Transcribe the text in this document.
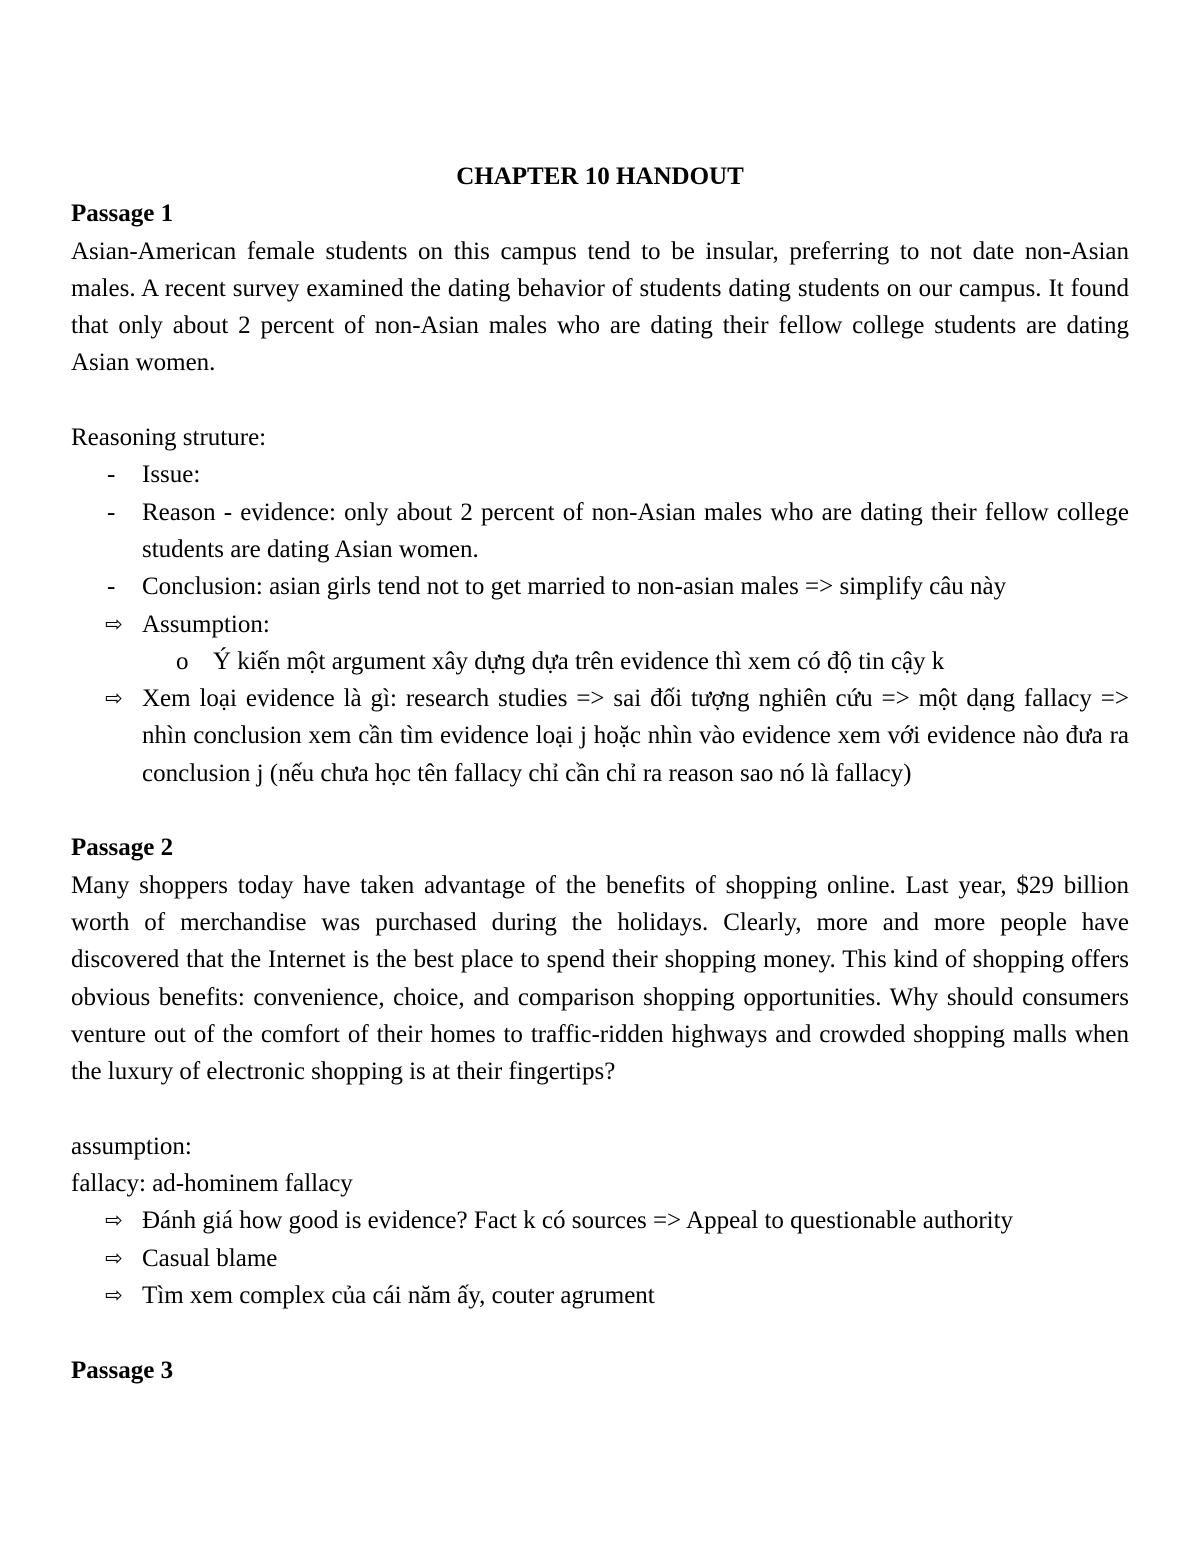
CHAPTER 10 HANDOUT

Passage 1

Asian-American female students on this campus tend to be insular, preferring to not date non-Asian males. A recent survey examined the dating behavior of students dating students on our campus. It found that only about 2 percent of non-Asian males who are dating their fellow college students are dating Asian women.

Reasoning struture:

- Issue:
- Reason - evidence: only about 2 percent of non-Asian males who are dating their fellow college students are dating Asian women.
- Conclusion: asian girls tend not to get married to non-asian males => simplify câu này
⇨ Assumption:
o Ý kiến một argument xây dựng dựa trên evidence thì xem có độ tin cậy k
⇨ Xem loại evidence là gì: research studies => sai đối tượng nghiên cứu => một dạng fallacy => nhìn conclusion xem cần tìm evidence loại j hoặc nhìn vào evidence xem với evidence nào đưa ra conclusion j (nếu chưa học tên fallacy chỉ cần chỉ ra reason sao nó là fallacy)

Passage 2

Many shoppers today have taken advantage of the benefits of shopping online. Last year, $29 billion worth of merchandise was purchased during the holidays. Clearly, more and more people have discovered that the Internet is the best place to spend their shopping money. This kind of shopping offers obvious benefits: convenience, choice, and comparison shopping opportunities. Why should consumers venture out of the comfort of their homes to traffic-ridden highways and crowded shopping malls when the luxury of electronic shopping is at their fingertips?

assumption:

fallacy: ad-hominem fallacy

⇨ Đánh giá how good is evidence? Fact k có sources => Appeal to questionable authority
⇨ Casual blame
⇨ Tìm xem complex của cái năm ấy, couter agrument

Passage 3
